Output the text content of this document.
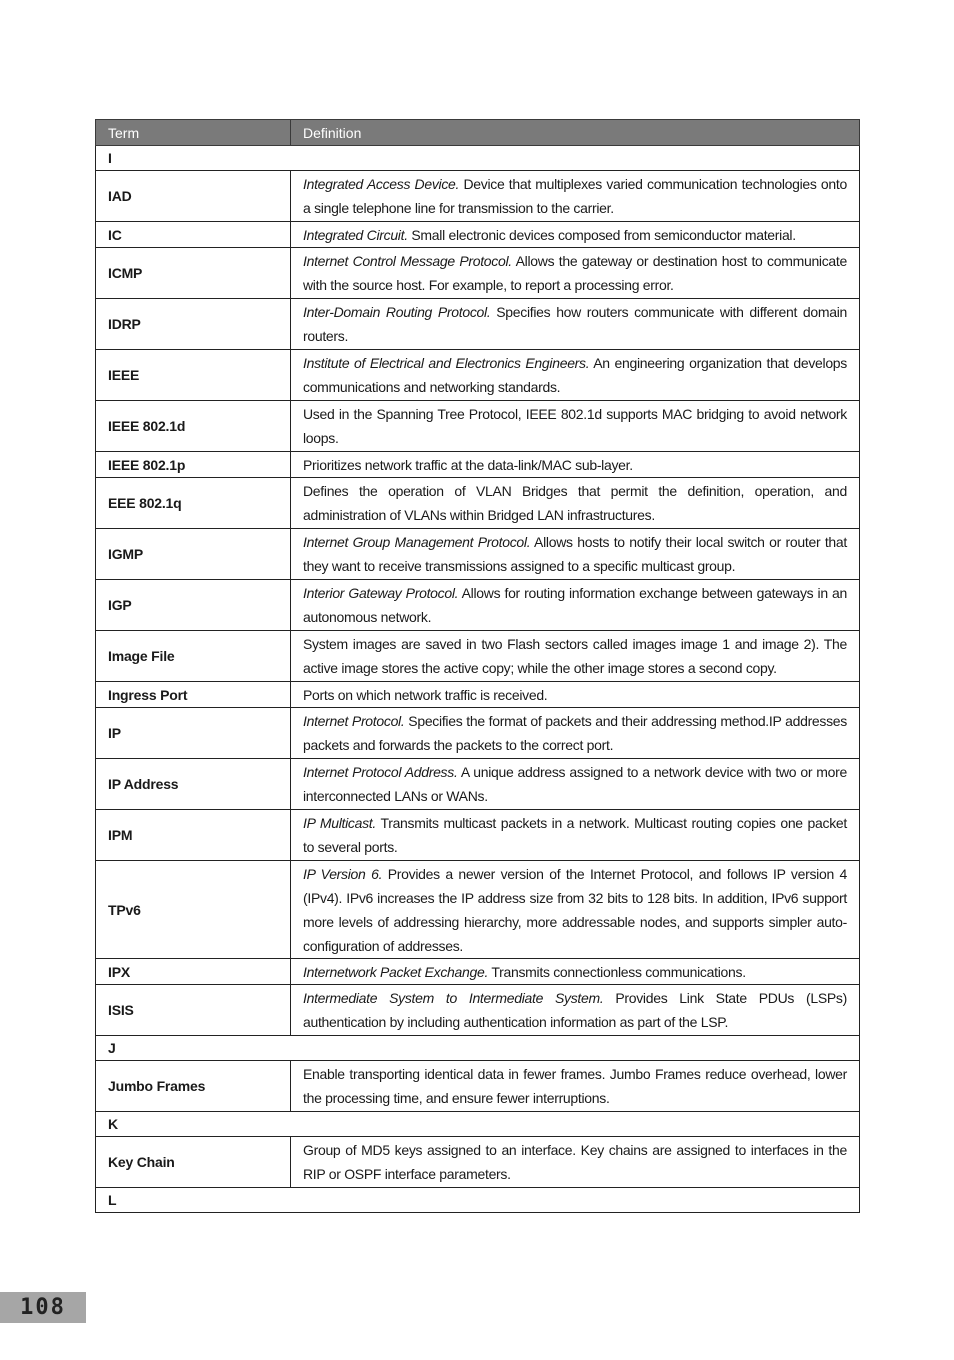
Term	Definition
I	
IAD	Integrated Access Device. Device that multiplexes varied communication technologies onto a single telephone line for transmission to the carrier.
IC	Integrated Circuit. Small electronic devices composed from semiconductor material.
ICMP	Internet Control Message Protocol. Allows the gateway or destination host to communicate with the source host. For example, to report a processing error.
IDRP	Inter-Domain Routing Protocol. Specifies how routers communicate with different domain routers.
IEEE	Institute of Electrical and Electronics Engineers. An engineering organization that develops communications and networking standards.
IEEE 802.1d	Used in the Spanning Tree Protocol, IEEE 802.1d supports MAC bridging to avoid network loops.
IEEE 802.1p	Prioritizes network traffic at the data-link/MAC sub-layer.
EEE 802.1q	Defines the operation of VLAN Bridges that permit the definition, operation, and administration of VLANs within Bridged LAN infrastructures.
IGMP	Internet Group Management Protocol. Allows hosts to notify their local switch or router that they want to receive transmissions assigned to a specific multicast group.
IGP	Interior Gateway Protocol. Allows for routing information exchange between gateways in an autonomous network.
Image File	System images are saved in two Flash sectors called images image 1 and image 2). The active image stores the active copy; while the other image stores a second copy.
Ingress Port	Ports on which network traffic is received.
IP	Internet Protocol. Specifies the format of packets and their addressing method.IP addresses packets and forwards the packets to the correct port.
IP Address	Internet Protocol Address. A unique address assigned to a network device with two or more interconnected LANs or WANs.
IPM	IP Multicast. Transmits multicast packets in a network. Multicast routing copies one packet to several ports.
TPv6	IP Version 6. Provides a newer version of the Internet Protocol, and follows IP version 4 (IPv4). IPv6 increases the IP address size from 32 bits to 128 bits. In addition, IPv6 support more levels of addressing hierarchy, more addressable nodes, and supports simpler auto-configuration of addresses.
IPX	Internetwork Packet Exchange. Transmits connectionless communications.
ISIS	Intermediate System to Intermediate System. Provides Link State PDUs (LSPs) authentication by including authentication information as part of the LSP.
J	
Jumbo Frames	Enable transporting identical data in fewer frames. Jumbo Frames reduce overhead, lower the processing time, and ensure fewer interruptions.
K	
Key Chain	Group of MD5 keys assigned to an interface. Key chains are assigned to interfaces in the RIP or OSPF interface parameters.
L	
108
